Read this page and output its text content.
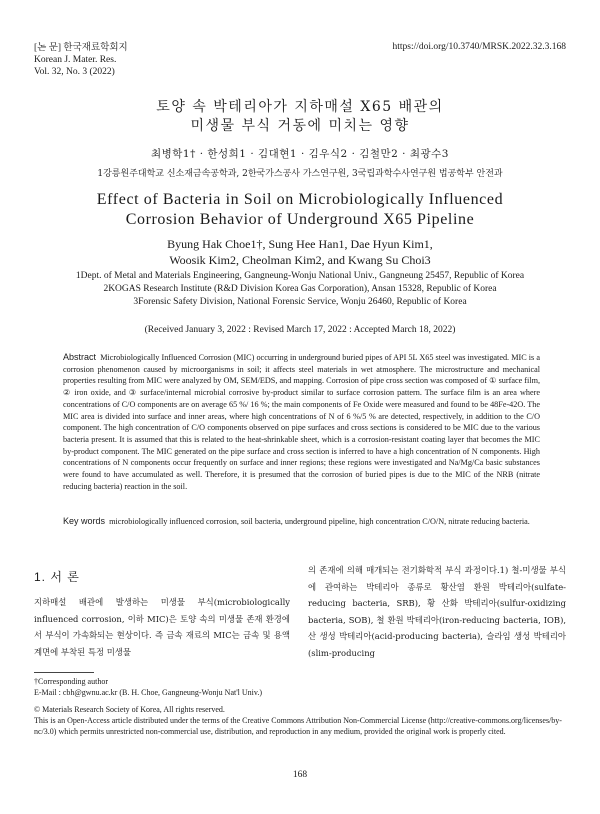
[논 문] 한국재료학회지
Korean J. Mater. Res.
Vol. 32, No. 3 (2022)
https://doi.org/10.3740/MRSK.2022.32.3.168
토양 속 박테리아가 지하매설 X65 배관의
미생물 부식 거동에 미치는 영향
최병학1† · 한성희1 · 김대현1 · 김우식2 · 김철만2 · 최광수3
1강릉원주대학교 신소재금속공학과, 2한국가스공사 가스연구원, 3국립과학수사연구원 법공학부 안전과
Effect of Bacteria in Soil on Microbiologically Influenced
Corrosion Behavior of Underground X65 Pipeline
Byung Hak Choe1†, Sung Hee Han1, Dae Hyun Kim1,
Woosik Kim2, Cheolman Kim2, and Kwang Su Choi3
1Dept. of Metal and Materials Engineering, Gangneung-Wonju National Univ., Gangneung 25457, Republic of Korea
2KOGAS Research Institute (R&D Division Korea Gas Corporation), Ansan 15328, Republic of Korea
3Forensic Safety Division, National Forensic Service, Wonju 26460, Republic of Korea
(Received January 3, 2022 : Revised March 17, 2022 : Accepted March 18, 2022)
Abstract Microbiologically Influenced Corrosion (MIC) occurring in underground buried pipes of API 5L X65 steel was investigated. MIC is a corrosion phenomenon caused by microorganisms in soil; it affects steel materials in wet atmosphere. The microstructure and mechanical properties resulting from MIC were analyzed by OM, SEM/EDS, and mapping. Corrosion of pipe cross section was composed of ① surface film, ② iron oxide, and ③ surface/internal microbial corrosive by-product similar to surface corrosion pattern. The surface film is an area where concentrations of C/O components are on average 65 %/ 16 %; the main components of Fe Oxide were measured and found to be 48Fe-42O. The MIC area is divided into surface and inner areas, where high concentrations of N of 6 %/5 % are detected, respectively, in addition to the C/O component. The high concentration of C/O components observed on pipe surfaces and cross sections is considered to be MIC due to the various bacteria present. It is assumed that this is related to the heat-shrinkable sheet, which is a corrosion-resistant coating layer that becomes the MIC by-product component. The MIC generated on the pipe surface and cross section is inferred to have a high concentration of N components. High concentrations of N components occur frequently on surface and inner regions; these regions were investigated and Na/Mg/Ca basic substances were found to have accumulated as well. Therefore, it is presumed that the corrosion of buried pipes is due to the MIC of the NRB (nitrate reducing bacteria) reaction in the soil.
Key words microbiologically influenced corrosion, soil bacteria, underground pipeline, high concentration C/O/N, nitrate reducing bacteria.
1. 서 론
지하매설 배관에 발생하는 미생물 부식(microbiologically influenced corrosion, 이하 MIC)은 토양 속의 미생물 존재 환경에서 부식이 가속화되는 현상이다. 즉 금속 재료의 MIC는 금속 및 용액 계면에 부착된 특정 미생물
의 존재에 의해 매개되는 전기화학적 부식 과정이다.1) 철-미생물 부식에 관여하는 박테리아 종류로 황산염 환원 박테리아(sulfate-reducing bacteria, SRB), 황 산화 박테리아(sulfur-oxidizing bacteria, SOB), 철 환원 박테리아(iron-reducing bacteria, IOB), 산 생성 박테리아(acid-producing bacteria), 슬라임 생성 박테리아(slim-producing

†Corresponding author

E-Mail : cbh@gwnu.ac.kr (B. H. Choe, Gangneung-Wonju Nat'l Univ.)

© Materials Research Society of Korea, All rights reserved.

This is an Open-Access article distributed under the terms of the Creative Commons Attribution Non-Commercial License (http://creative-commons.org/licenses/by-nc/3.0) which permits unrestricted non-commercial use, distribution, and reproduction in any medium, provided the original work is properly cited.

168
